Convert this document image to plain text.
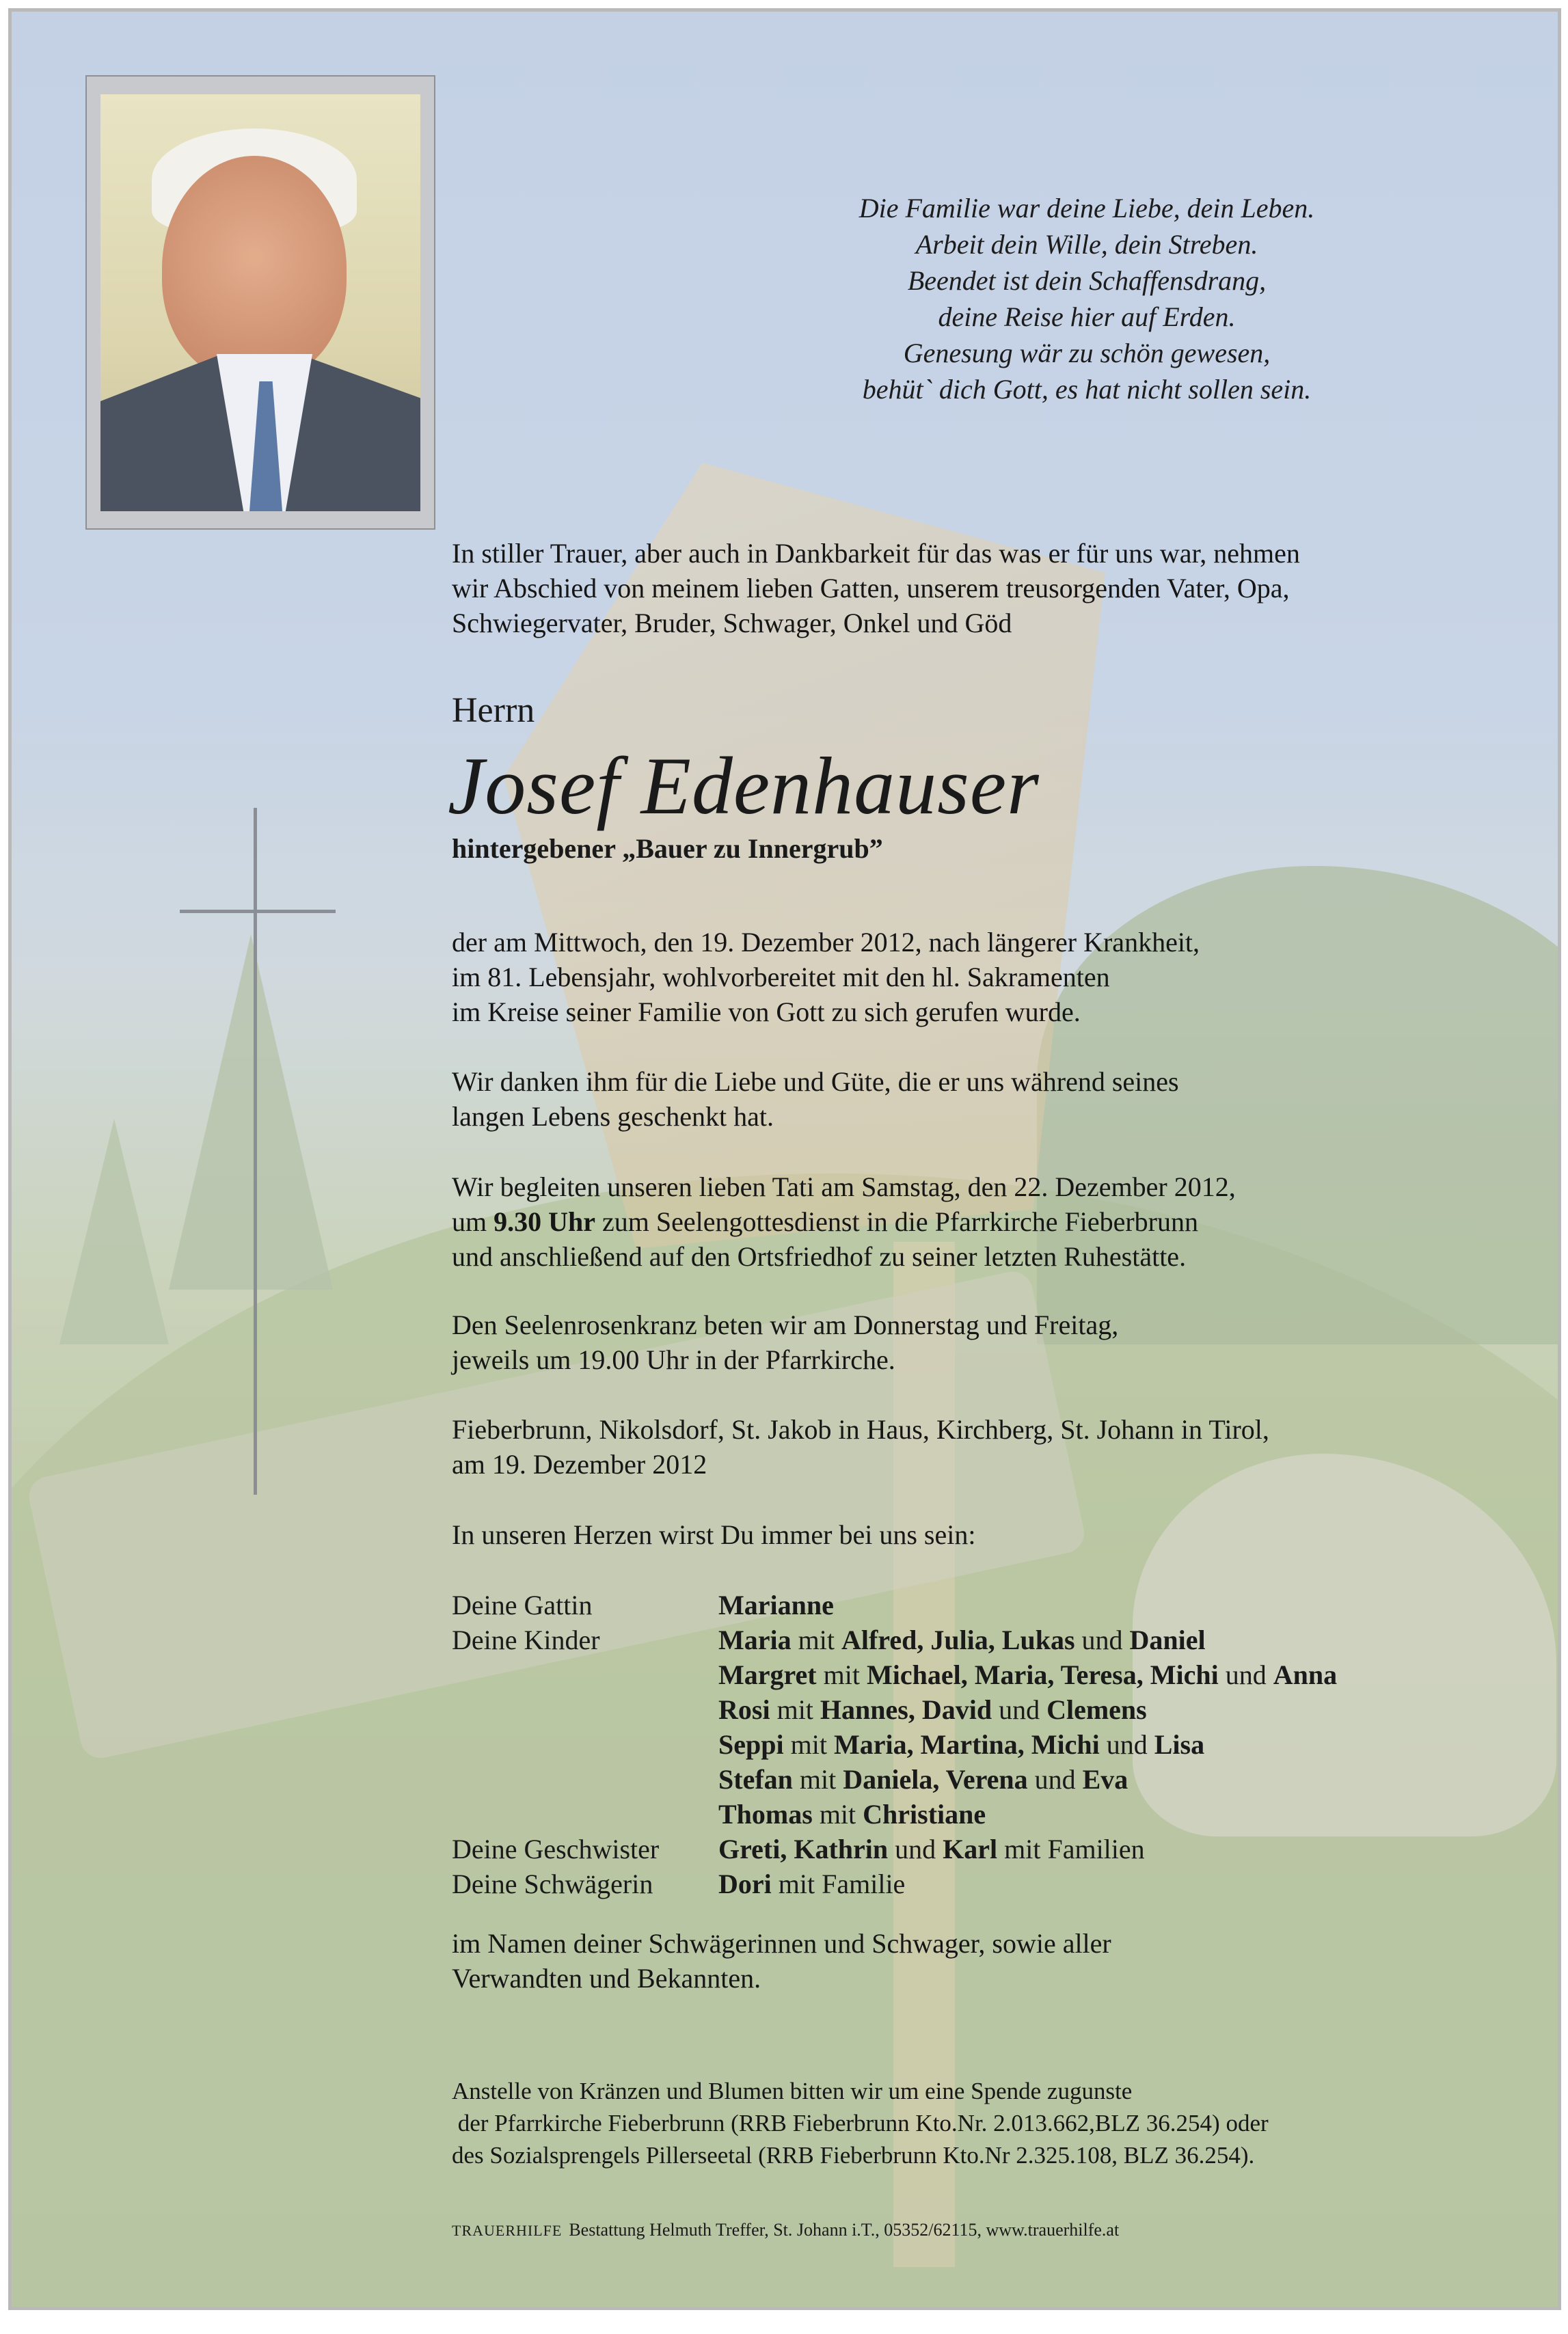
Die Familie war deine Liebe, dein Leben.
Arbeit dein Wille, dein Streben.
Beendet ist dein Schaffensdrang,
deine Reise hier auf Erden.
Genesung wär zu schön gewesen,
behüt` dich Gott, es hat nicht sollen sein.
In stiller Trauer, aber auch in Dankbarkeit für das was er für uns war, nehmen
wir Abschied von meinem lieben Gatten, unserem treusorgenden Vater, Opa,
Schwiegervater, Bruder, Schwager, Onkel und Göd
Herrn
Josef Edenhauser
hintergebener „Bauer zu Innergrub”
der am Mittwoch, den 19. Dezember 2012, nach längerer Krankheit,
im 81. Lebensjahr, wohlvorbereitet mit den hl. Sakramenten
im Kreise seiner Familie von Gott zu sich gerufen wurde.
Wir danken ihm für die Liebe und Güte, die er uns während seines
langen Lebens geschenkt hat.
Wir begleiten unseren lieben Tati am Samstag, den 22. Dezember 2012,
um 9.30 Uhr zum Seelengottesdienst in die Pfarrkirche Fieberbrunn
und anschließend auf den Ortsfriedhof zu seiner letzten Ruhestätte.
Den Seelenrosenkranz beten wir am Donnerstag und Freitag,
jeweils um 19.00 Uhr in der Pfarrkirche.
Fieberbrunn, Nikolsdorf, St. Jakob in Haus, Kirchberg, St. Johann in Tirol,
am 19. Dezember 2012
In unseren Herzen wirst Du immer bei uns sein:
Deine Gattin	Marianne
Deine Kinder	Maria mit Alfred, Julia, Lukas und Daniel
Margret mit Michael, Maria, Teresa, Michi und Anna
Rosi mit Hannes, David und Clemens
Seppi mit Maria, Martina, Michi und Lisa
Stefan mit Daniela, Verena und Eva
Thomas mit Christiane
Deine Geschwister	Greti, Kathrin und Karl mit Familien
Deine Schwägerin	Dori mit Familie
im Namen deiner Schwägerinnen und Schwager, sowie aller
Verwandten und Bekannten.
Anstelle von Kränzen und Blumen bitten wir um eine Spende zugunste
der Pfarrkirche Fieberbrunn (RRB Fieberbrunn Kto.Nr. 2.013.662,BLZ 36.254) oder
des Sozialsprengels Pillerseetal (RRB Fieberbrunn Kto.Nr 2.325.108, BLZ 36.254).
TRAUERHILFE Bestattung Helmuth Treffer, St. Johann i.T., 05352/62115, www.trauerhilfe.at
